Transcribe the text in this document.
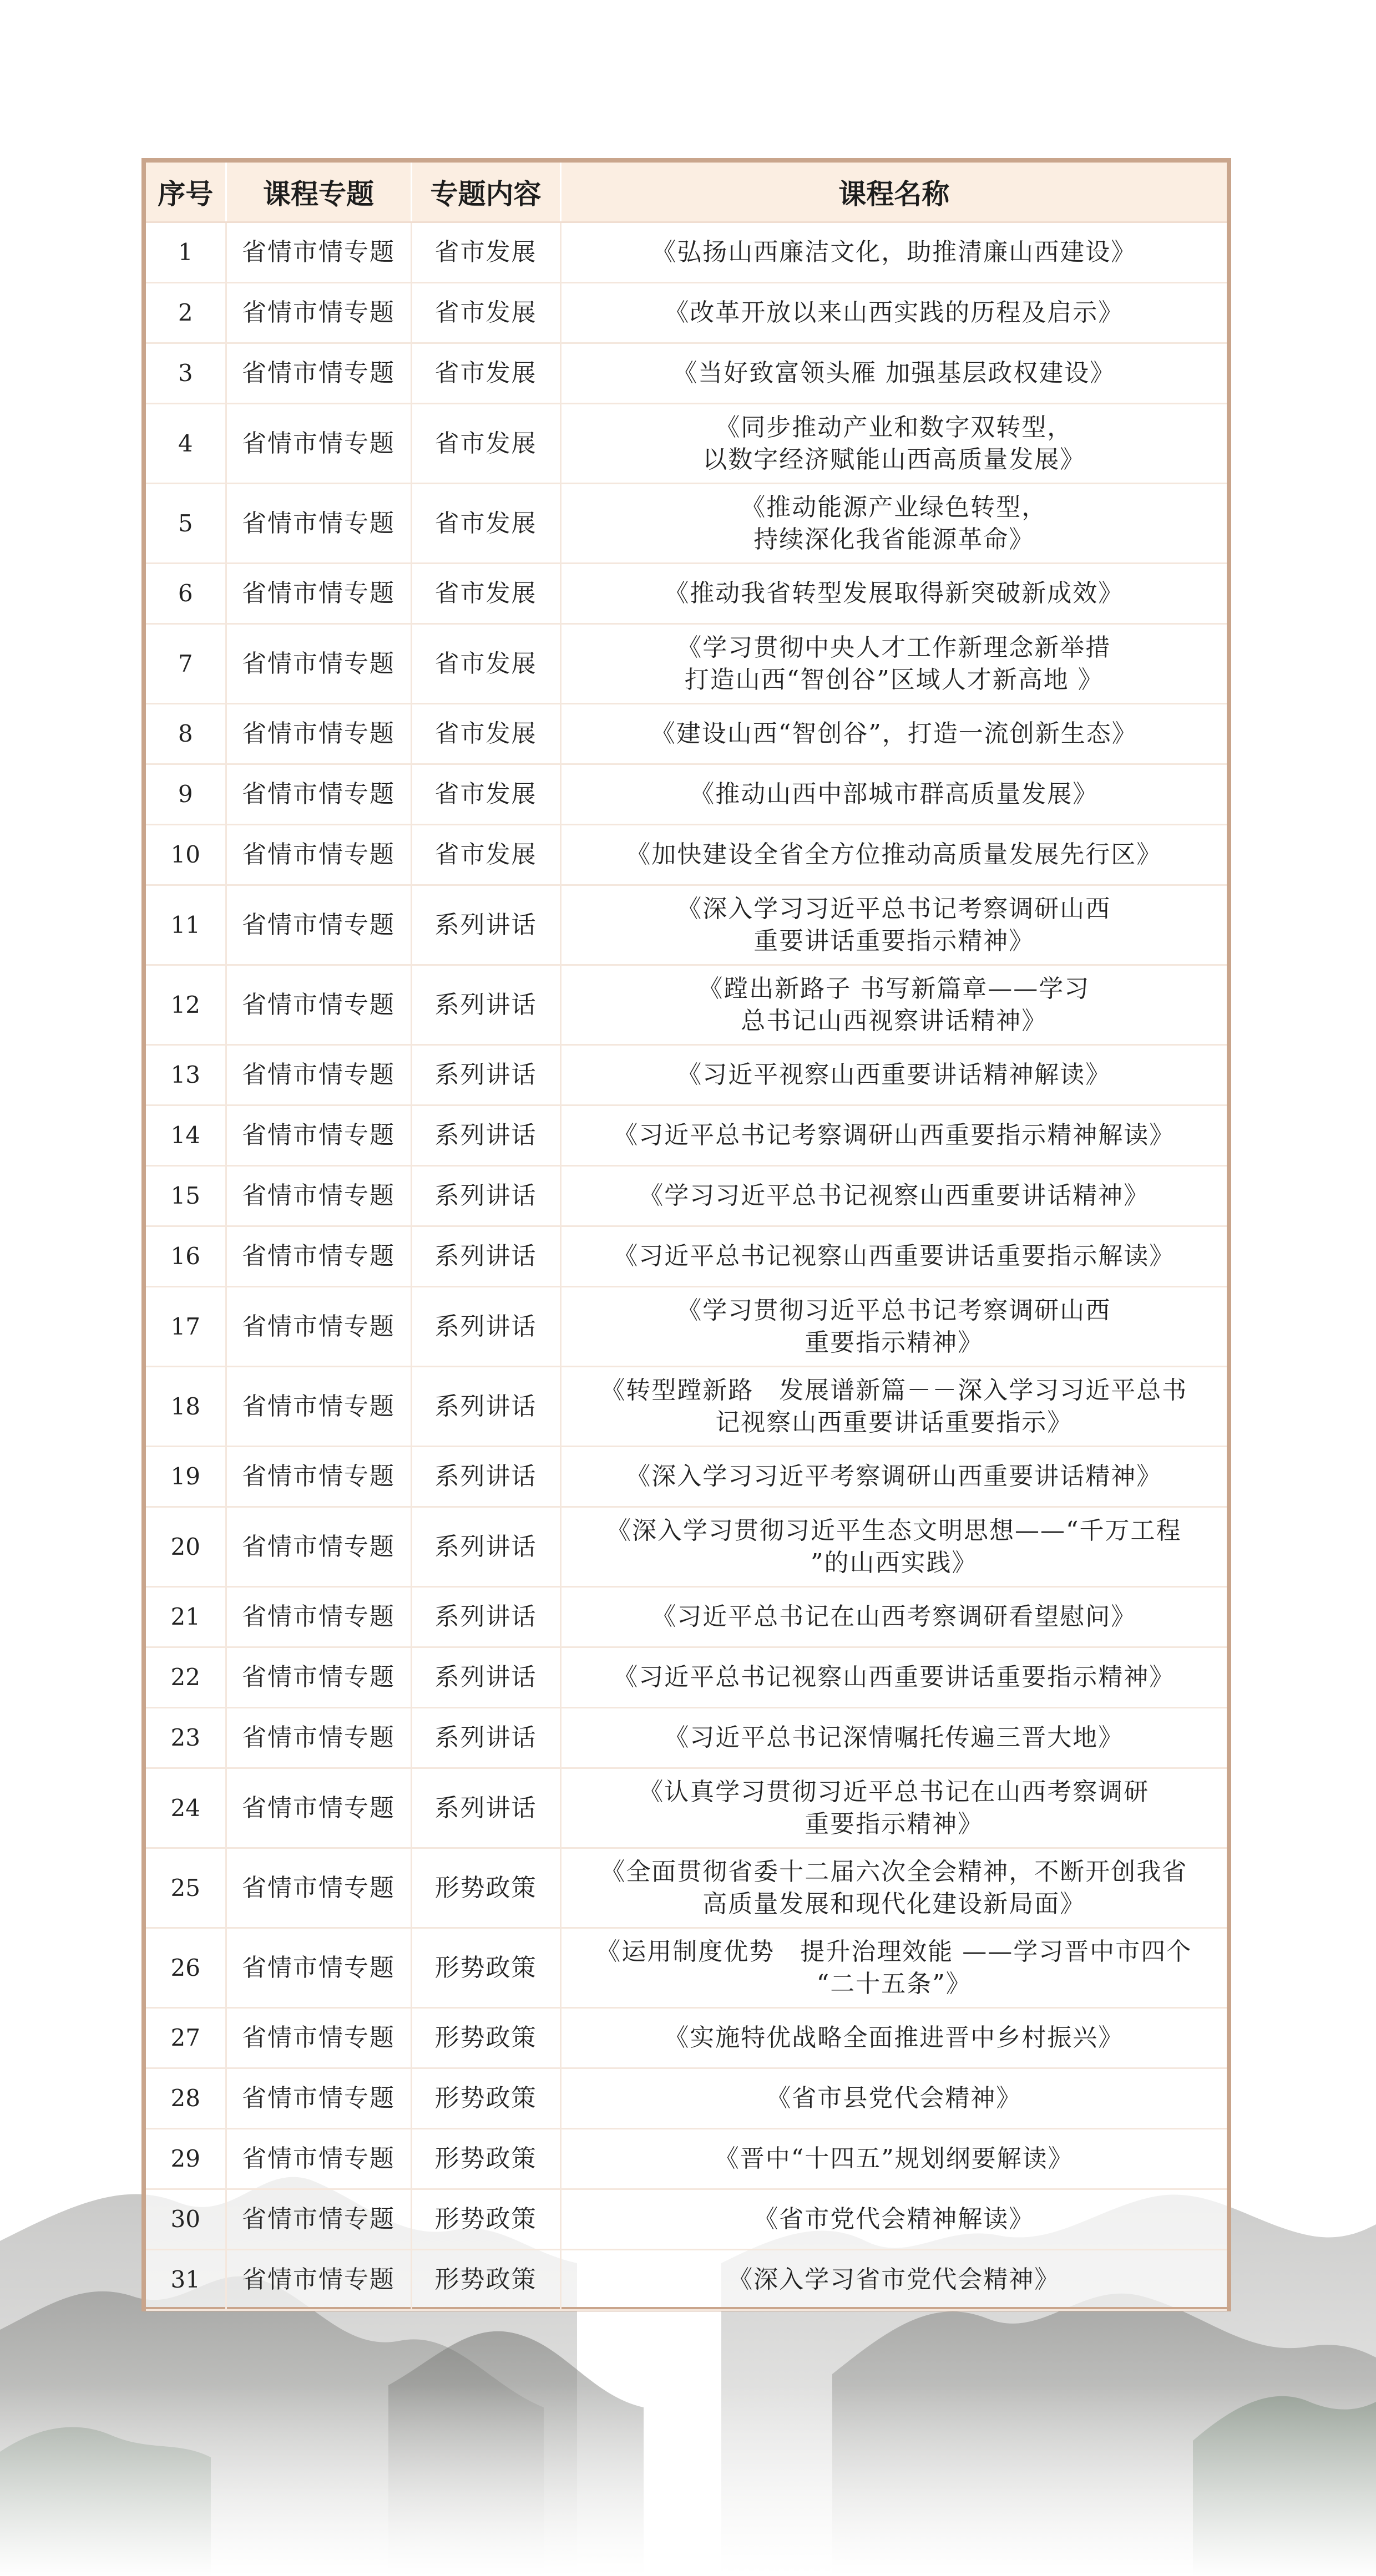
序号	课程专题	专题内容	课程名称
1	省情市情专题	省市发展	《弘扬山西廉洁文化，助推清廉山西建设》

2	省情市情专题	省市发展	《改革开放以来山西实践的历程及启示》

3	省情市情专题	省市发展	《当好致富领头雁 加强基层政权建设》

4	省情市情专题	省市发展	《同步推动产业和数字双转型，
以数字经济赋能山西高质量发展》

5	省情市情专题	省市发展	《推动能源产业绿色转型，
持续深化我省能源革命》

6	省情市情专题	省市发展	《推动我省转型发展取得新突破新成效》

7	省情市情专题	省市发展	《学习贯彻中央人才工作新理念新举措
打造山西“智创谷”区域人才新高地 》

8	省情市情专题	省市发展	《建设山西“智创谷”，打造一流创新生态》

9	省情市情专题	省市发展	《推动山西中部城市群高质量发展》

10	省情市情专题	省市发展	《加快建设全省全方位推动高质量发展先行区》

11	省情市情专题	系列讲话	《深入学习习近平总书记考察调研山西
重要讲话重要指示精神》

12	省情市情专题	系列讲话	《蹚出新路子 书写新篇章——学习
总书记山西视察讲话精神》

13	省情市情专题	系列讲话	《习近平视察山西重要讲话精神解读》

14	省情市情专题	系列讲话	《习近平总书记考察调研山西重要指示精神解读》

15	省情市情专题	系列讲话	《学习习近平总书记视察山西重要讲话精神》

16	省情市情专题	系列讲话	《习近平总书记视察山西重要讲话重要指示解读》

17	省情市情专题	系列讲话	《学习贯彻习近平总书记考察调研山西
重要指示精神》

18	省情市情专题	系列讲话	《转型蹚新路　发展谱新篇－－深入学习习近平总书
记视察山西重要讲话重要指示》

19	省情市情专题	系列讲话	《深入学习习近平考察调研山西重要讲话精神》

20	省情市情专题	系列讲话	《深入学习贯彻习近平生态文明思想——“千万工程
”的山西实践》

21	省情市情专题	系列讲话	《习近平总书记在山西考察调研看望慰问》

22	省情市情专题	系列讲话	《习近平总书记视察山西重要讲话重要指示精神》

23	省情市情专题	系列讲话	《习近平总书记深情嘱托传遍三晋大地》

24	省情市情专题	系列讲话	《认真学习贯彻习近平总书记在山西考察调研
重要指示精神》

25	省情市情专题	形势政策	《全面贯彻省委十二届六次全会精神，不断开创我省
高质量发展和现代化建设新局面》

26	省情市情专题	形势政策	《运用制度优势　提升治理效能 ——学习晋中市四个
“二十五条”》

27	省情市情专题	形势政策	《实施特优战略全面推进晋中乡村振兴》

28	省情市情专题	形势政策	《省市县党代会精神》

29	省情市情专题	形势政策	《晋中“十四五”规划纲要解读》

30	省情市情专题	形势政策	《省市党代会精神解读》

31	省情市情专题	形势政策	《深入学习省市党代会精神》
